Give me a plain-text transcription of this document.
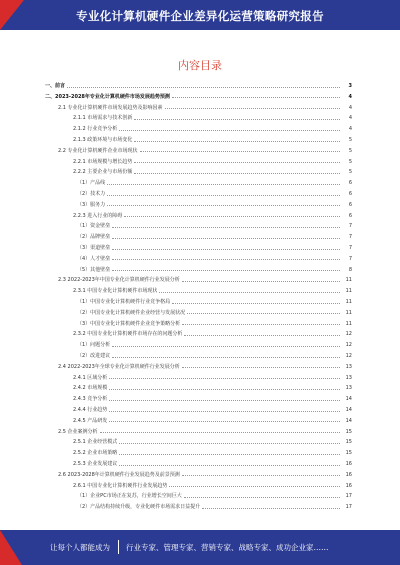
专业化计算机硬件企业差异化运营策略研究报告
内容目录
一、前言	3
二、2023-2028年专业化计算机硬件市场发展趋势预测	4
2.1 专业化计算机硬件市场发展趋势及影响因素	4
2.1.1 市场需求与技术创新	4
2.1.2 行业竞争分析	4
2.1.3 政策环境与市场变化	5
2.2 专业化计算机硬件企业市场现状	5
2.2.1 市场规模与增长趋势	5
2.2.2 主要企业与市场份额	5
（1）产品线	6
（2）技术力	6
（3）服务力	6
2.2.3 进入行业的障碍	6
（1）资金壁垒	7
（2）品牌壁垒	7
（3）渠道壁垒	7
（4）人才壁垒	7
（5）其他壁垒	8
2.3 2022-2023年中国专业化计算机硬件行业发展分析	11
2.3.1 中国专业化计算机硬件市场现状	11
（1）中国专业化计算机硬件行业竞争格局	11
（2）中国专业化计算机硬件企业经营与发展状况	11
（3）中国专业化计算机硬件企业竞争策略分析	11
2.3.2 中国专业化计算机硬件市场存在的问题分析	12
（1）问题分析	12
（2）改进建议	12
2.4 2022-2023年全球专业化计算机硬件行业发展分析	13
2.4.1 区域分析	13
2.4.2 市场规模	13
2.4.3 竞争分析	14
2.4.4 行业趋势	14
2.4.5 产品研发	14
2.5 企业案例分析	15
2.5.1 企业经营模式	15
2.5.2 企业市场策略	15
2.5.3 企业发展建议	16
2.6 2023-2028年计算机硬件行业发展趋势及前景预测	16
2.6.1 中国专业化计算机硬件行业发展趋势	16
（1）企业PC市场正在复苏，行业增长空间巨大	17
（2）产品结构持续升级，专业化硬件市场需求日益提升	17
让每个人都能成为 行业专家、管理专家、营销专家、战略专家、成功企业家……
